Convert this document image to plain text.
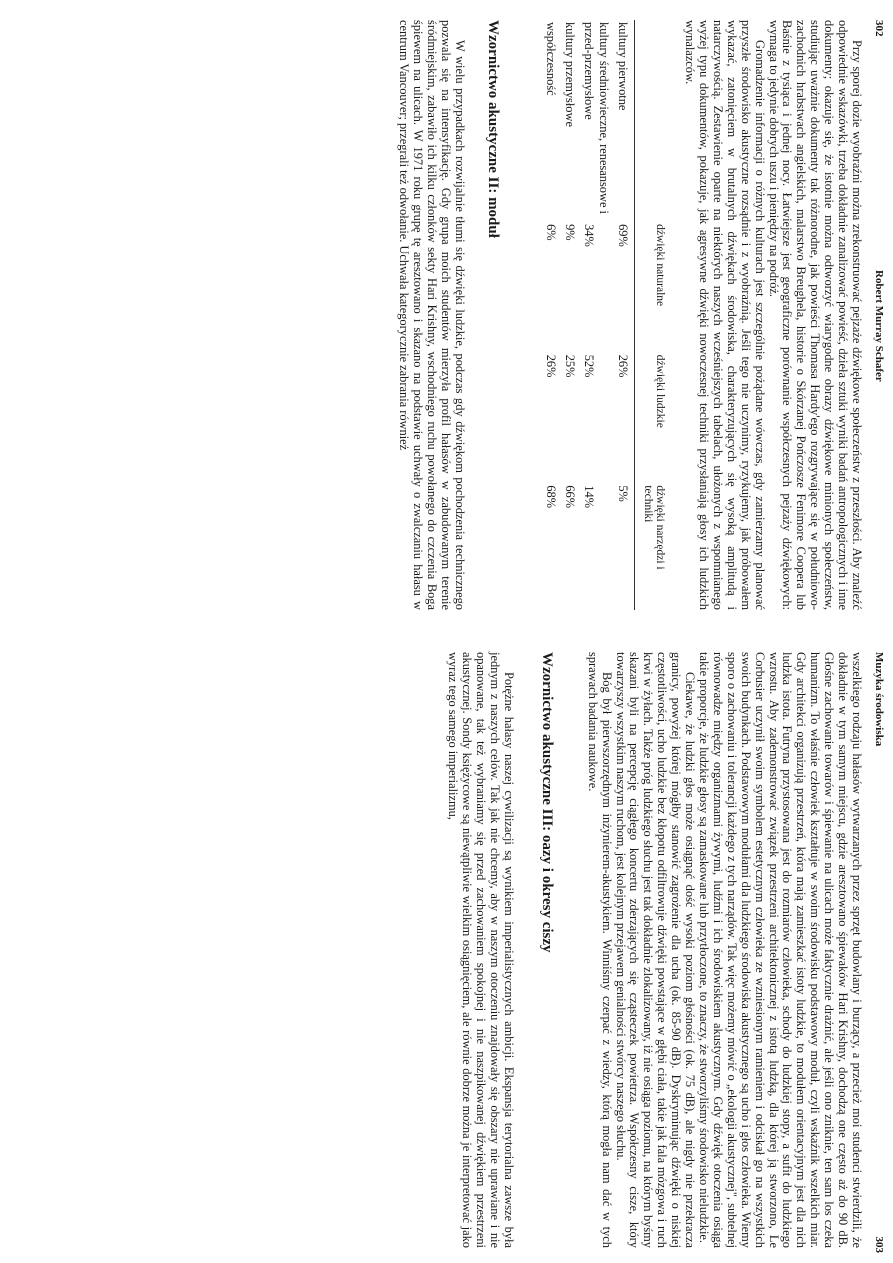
302
Robert Murray Schafer

Przy sporej dozie wyobraźni można zrekonstruować pejzaże dźwiękowe społeczeństw z przeszłości. Aby znaleźć odpowiednie wskazówki, trzeba dokładnie zanalizować powieść, dzieła sztuki wyniki badań antropologicznych i inne dokumenty; okazuje się, że istotnie można odtworzyć wiarygodne obrazy dźwiękowe minionych społeczeństw, studiując uważnie dokumenty tak różnorodne, jak powieści Thomasa Hardy'ego rozgrywające się w południowo-zachodnich hrabstwach angielskich, malarstwo Breughela, historie o Skórzanej Pończosze Fenimore Coopera lub Baśnie z tysiąca i jednej nocy. Łatwiejsze jest geograficzne porównanie współczesnych pejzaży dźwiękowych: wymaga to jedynie dobrych uszu i pieniędzy na podróż.

Gromadzenie informacji o różnych kulturach jest szczególnie pożądane wówczas, gdy zamierzamy planować przyszłe środowisko akustyczne rozsądnie i z wyobraźnią. Jeśli tego nie uczynimy, ryzykujemy, jak próbowałem wykazać, zatonięciem w brutalnych dźwiękach środowiska, charakteryzujących się wysoką amplitudą i natarczywością. Zestawienie oparte na niektórych naszych wcześniejszych tabelach, ułożonych z wspomnianego wyżej typu dokumentów, pokazuje, jak agresywne dźwięki nowoczesnej techniki przysłaniają głosy ich ludzkich wynalazców.

	dźwięki naturalne	dźwięki ludzkie	dźwięki narzędzi i techniki

kultury pierwotne	69%	26%	5%
kultury średniowieczne, renesansowe i przed-przemysłowe	34%	52%	14%
kultury przemysłowe	9%	25%	66%
współczesność	6%	26%	68%
Wzornictwo akustyczne II: moduł

W wielu przypadkach rozwijalnie tłumi się dźwięki ludzkie, podczas gdy dźwiękom pochodzenia technicznego pozwala się na intensyfikację. Gdy grupa moich studentów mierzyła profil hałasów w zabudowanym terenie śródmiejskim, zabawiło ich kilku członków sekty Hari Krishny, wschodniego ruchu powołanego do czczenia Boga śpiewem na ulicach. W 1971 roku grupę tę aresztowano i skazano na podstawie uchwały o zwalczaniu hałasu w centrum Vancouver; przegrali też odwołanie. Uchwała kategorycznie zabrania również

Muzyka środowiska
303

wszelkiego rodzaju hałasów wytwarzanych przez sprzęt budowlany i burzący, a przecież moi studenci stwierdzili, że dokładnie w tym samym miejscu, gdzie aresztowano śpiewaków Hari Krishny, dochodzą one często aż do 90 dB. Głośne zachowanie towarów i śpiewanie na ulicach może faktycznie drażnić, ale jeśli ono zniknie, ten sam los czeka humanizm. To właśnie człowiek kształtuje w swoim środowisku podstawowy moduł, czyli wskaźnik wszelkich miar. Gdy architekci organizują przestrzeń, która mają zamieszkać istoty ludzkie, to modułem orientacyjnym jest dla nich ludzka istota. Futryna przystosowana jest do rozmiarów człowieka, schody do ludzkiej stopy, a sufit do ludzkiego wzrostu. Aby zademonstrować związek przestrzeni architektonicznej z istotą ludzką, dla której ją stworzono, Le Corbusier uczynił swoim symbolem estetycznym człowieka ze wzniesionym ramieniem i odciskał go na wszystkich swoich budynkach. Podstawowym modułami dla ludzkiego środowiska akustycznego są ucho i głos człowieka. Wiemy sporo o zachowaniu i tolerancji każdego z tych narządów. Tak więc możemy mówić o „ekologii akustycznej", subtelnej równowadze między organizmami żywymi, ludźmi i ich środowiskiem akustycznym. Gdy dźwięk otoczenia osiąga takie proporcje, że ludzkie głosy są zamaskowane lub przytłoczone, to znaczy, że stworzyliśmy środowisko nieludzkie.

Ciekawe, że ludzki głos może osiągnąć dość wysoki poziom głośności (ok. 75 dB), ale nigdy nie przekracza granicy, powyżej której mógłby stanowić zagrożenie dla ucha (ok. 85-90 dB). Dyskryminując dźwięki o niskiej częstotliwości, ucho ludzkie bez kłopotu odfiltrowuje dźwięki powstające w głębi ciała, takie jak fala mózgowa i ruch krwi w żyłach. Także próg ludzkiego słuchu jest tak dokładnie zlokalizowany, iż nie osiąga poziomu, na którym byśmy skazani byli na percepcję ciągłego koncertu zderzających się cząsteczek powietrza. Współczesny cisze, który towarzyszy wszystkim naszym ruchom, jest kolejnym przejawem genialności stwórcy naszego słuchu.

Bóg był pierwszorzędnym inżynierem-akustykiem. Winniśmy czerpać z wiedzy, którą mogła nam dać w tych sprawach badania naukowe.

Wzornictwo akustyczne III: oazy i okresy ciszy

Potężne hałasy naszej cywilizacji są wynikiem imperialistycznych ambicji. Ekspansja terytorialna zawsze była jednym z naszych celów. Tak jak nie chcemy, aby w naszym otoczeniu znajdowały się obszary nie uprawiane i nie opanowane, tak też wybraniamy się przed zachowaniem spokojnej i nie naszpikowanej dźwiękiem przestrzeni akustycznej. Sondy księżycowe są niewątpliwie wielkim osiągnięciem, ale równie dobrze można je interpretować jako wyraz tego samego imperializmu,
